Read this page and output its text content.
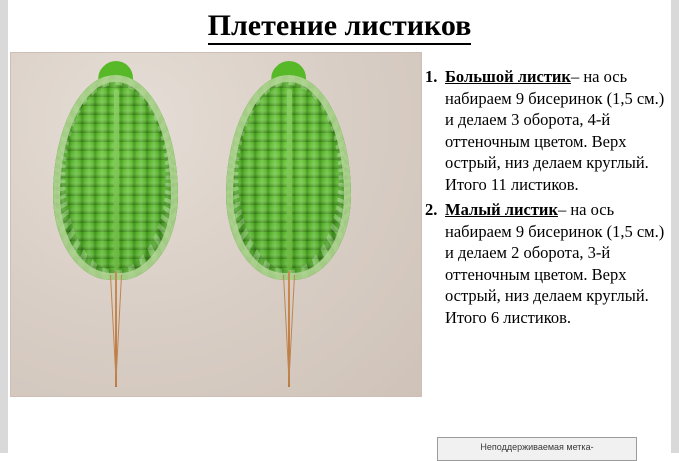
Плетение листиков
1. Большой листик– на ось набираем 9 бисеринок (1,5 см.) и делаем 3 оборота, 4-й оттеночным цветом. Верх острый, низ делаем круглый. Итого 11 листиков.
2. Малый листик– на ось набираем 9 бисеринок (1,5 см.) и делаем 2 оборота, 3-й оттеночным цветом. Верх острый, низ делаем круглый. Итого 6 листиков.
Неподдерживаемая метка-
